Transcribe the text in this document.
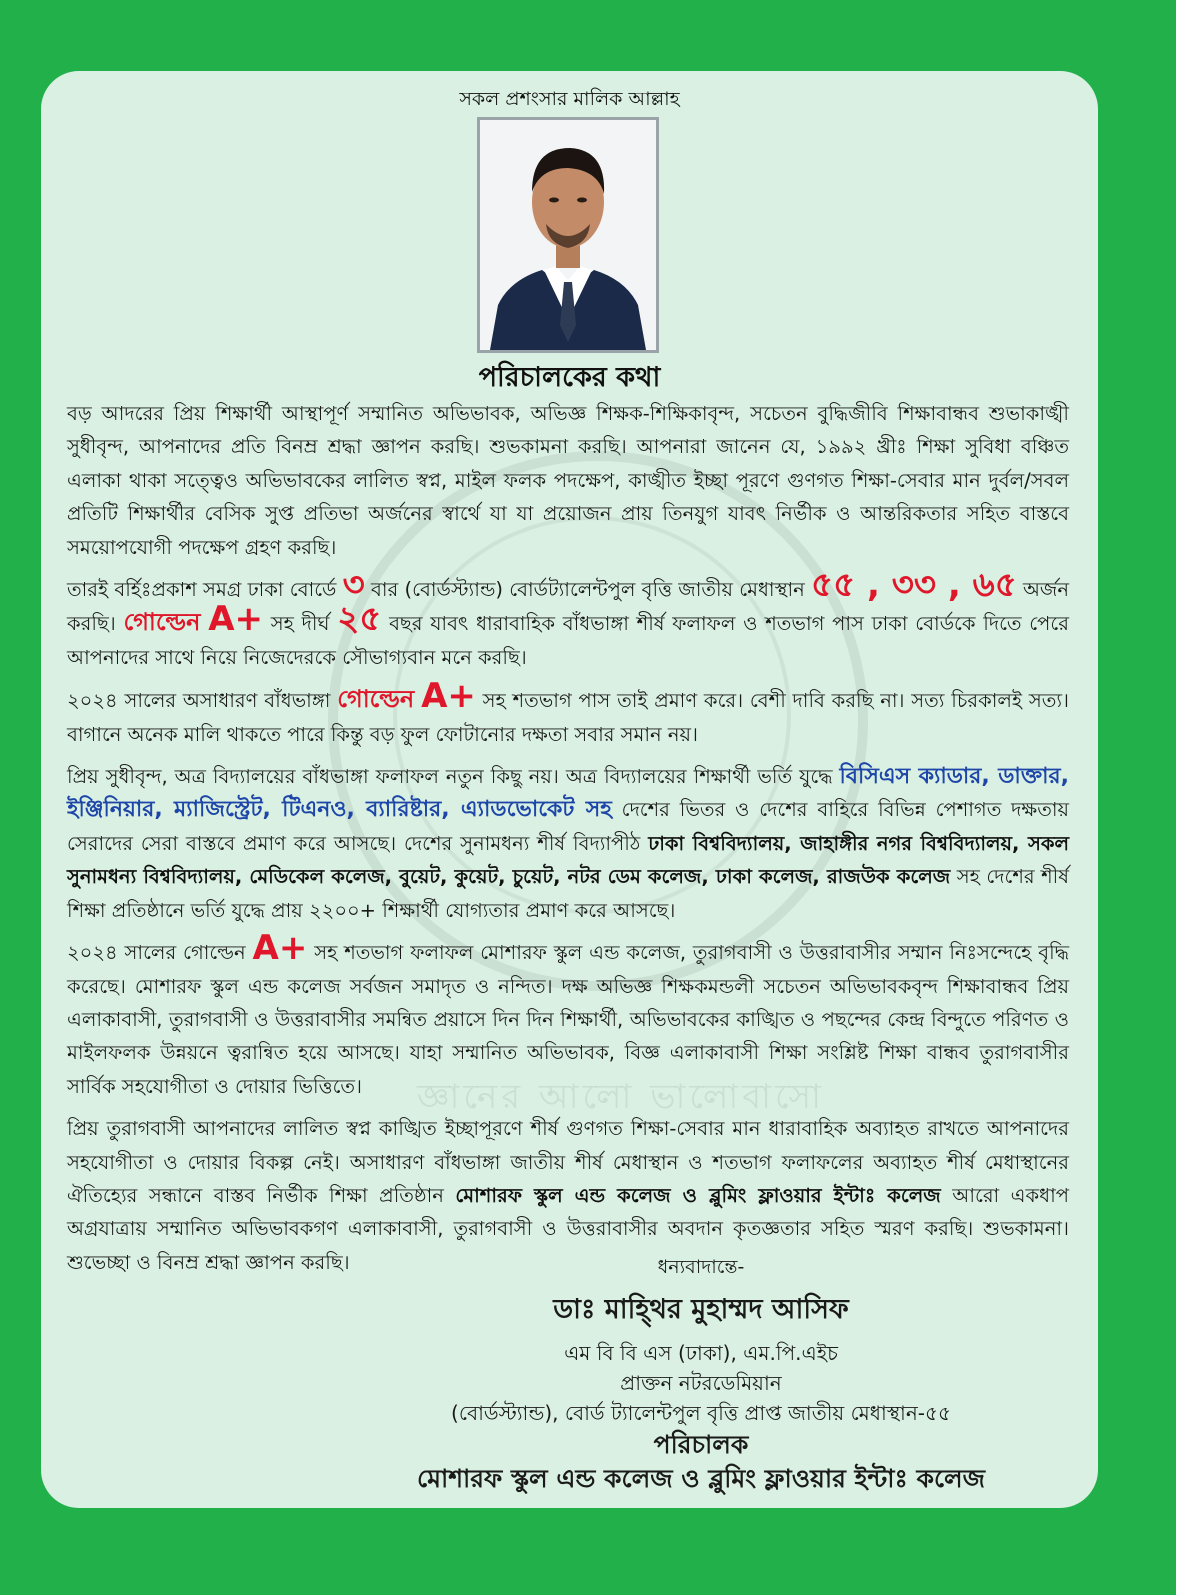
জ্ঞানের আলো ভালোবাসো
সকল প্রশংসার মালিক আল্লাহ
পরিচালকের কথা

বড় আদরের প্রিয় শিক্ষার্থী আস্থাপূর্ণ সম্মানিত অভিভাবক, অভিজ্ঞ শিক্ষক-শিক্ষিকাবৃন্দ, সচেতন বুদ্ধিজীবি শিক্ষাবান্ধব শুভাকাঙ্খী সুধীবৃন্দ, আপনাদের প্রতি বিনম্র শ্রদ্ধা জ্ঞাপন করছি। শুভকামনা করছি। আপনারা জানেন যে, ১৯৯২ খ্রীঃ শিক্ষা সুবিধা বঞ্চিত এলাকা থাকা সত্ত্বেও অভিভাবকের লালিত স্বপ্ন, মাইল ফলক পদক্ষেপ, কাঙ্খীত ইচ্ছা পূরণে গুণগত শিক্ষা-সেবার মান দুর্বল/সবল প্রতিটি শিক্ষার্থীর বেসিক সুপ্ত প্রতিভা অর্জনের স্বার্থে যা যা প্রয়োজন প্রায় তিনযুগ যাবৎ নির্ভীক ও আন্তরিকতার সহিত বাস্তবে সময়োপযোগী পদক্ষেপ গ্রহণ করছি।

তারই বর্হিঃপ্রকাশ সমগ্র ঢাকা বোর্ডে ৩ বার (বোর্ডস্ট্যান্ড) বোর্ডট্যালেন্টপুল বৃত্তি জাতীয় মেধাস্থান ৫৫ , ৩৩ , ৬৫ অর্জন করছি। গোল্ডেন A+ সহ দীর্ঘ ২৫ বছর যাবৎ ধারাবাহিক বাঁধভাঙ্গা শীর্ষ ফলাফল ও শতভাগ পাস ঢাকা বোর্ডকে দিতে পেরে আপনাদের সাথে নিয়ে নিজেদেরকে সৌভাগ্যবান মনে করছি।

২০২৪ সালের অসাধারণ বাঁধভাঙ্গা গোল্ডেন A+ সহ শতভাগ পাস তাই প্রমাণ করে। বেশী দাবি করছি না। সত্য চিরকালই সত্য। বাগানে অনেক মালি থাকতে পারে কিন্তু বড় ফুল ফোটানোর দক্ষতা সবার সমান নয়।

প্রিয় সুধীবৃন্দ, অত্র বিদ্যালয়ের বাঁধভাঙ্গা ফলাফল নতুন কিছু নয়। অত্র বিদ্যালয়ের শিক্ষার্থী ভর্তি যুদ্ধে বিসিএস ক্যাডার, ডাক্তার, ইঞ্জিনিয়ার, ম্যাজিস্ট্রেট, টিএনও, ব্যারিষ্টার, এ্যাডভোকেট সহ দেশের ভিতর ও দেশের বাহিরে বিভিন্ন পেশাগত দক্ষতায় সেরাদের সেরা বাস্তবে প্রমাণ করে আসছে। দেশের সুনামধন্য শীর্ষ বিদ্যাপীঠ ঢাকা বিশ্ববিদ্যালয়, জাহাঙ্গীর নগর বিশ্ববিদ্যালয়, সকল সুনামধন্য বিশ্ববিদ্যালয়, মেডিকেল কলেজ, বুয়েট, কুয়েট, চুয়েট, নটর ডেম কলেজ, ঢাকা কলেজ, রাজউক কলেজ সহ দেশের শীর্ষ শিক্ষা প্রতিষ্ঠানে ভর্তি যুদ্ধে প্রায় ২২০০+ শিক্ষার্থী যোগ্যতার প্রমাণ করে আসছে।

২০২৪ সালের গোল্ডেন A+ সহ শতভাগ ফলাফল মোশারফ স্কুল এন্ড কলেজ, তুরাগবাসী ও উত্তরাবাসীর সম্মান নিঃসন্দেহে বৃদ্ধি করেছে। মোশারফ স্কুল এন্ড কলেজ সর্বজন সমাদৃত ও নন্দিত। দক্ষ অভিজ্ঞ শিক্ষকমন্ডলী সচেতন অভিভাবকবৃন্দ শিক্ষাবান্ধব প্রিয় এলাকাবাসী, তুরাগবাসী ও উত্তরাবাসীর সমন্বিত প্রয়াসে দিন দিন শিক্ষার্থী, অভিভাবকের কাঙ্খিত ও পছন্দের কেন্দ্র বিন্দুতে পরিণত ও মাইলফলক উন্নয়নে ত্বরান্বিত হয়ে আসছে। যাহা সম্মানিত অভিভাবক, বিজ্ঞ এলাকাবাসী শিক্ষা সংশ্লিষ্ট শিক্ষা বান্ধব তুরাগবাসীর সার্বিক সহযোগীতা ও দোয়ার ভিত্তিতে।

প্রিয় তুরাগবাসী আপনাদের লালিত স্বপ্ন কাঙ্খিত ইচ্ছাপূরণে শীর্ষ গুণগত শিক্ষা-সেবার মান ধারাবাহিক অব্যাহত রাখতে আপনাদের সহযোগীতা ও দোয়ার বিকল্প নেই। অসাধারণ বাঁধভাঙ্গা জাতীয় শীর্ষ মেধাস্থান ও শতভাগ ফলাফলের অব্যাহত শীর্ষ মেধাস্থানের ঐতিহ্যের সন্ধানে বাস্তব নির্ভীক শিক্ষা প্রতিষ্ঠান মোশারফ স্কুল এন্ড কলেজ ও ব্লুমিং ফ্লাওয়ার ইন্টাঃ কলেজ আরো একধাপ অগ্রযাত্রায় সম্মানিত অভিভাবকগণ এলাকাবাসী, তুরাগবাসী ও উত্তরাবাসীর অবদান কৃতজ্ঞতার সহিত স্মরণ করছি। শুভকামনা। শুভেচ্ছা ও বিনম্র শ্রদ্ধা জ্ঞাপন করছি।	ধন্যবাদান্তে-
ডাঃ মাহ্থির মুহাম্মদ আসিফ
এম বি বি এস (ঢাকা), এম.পি.এইচ
প্রাক্তন নটরডেমিয়ান
(বোর্ডস্ট্যান্ড), বোর্ড ট্যালেন্টপুল বৃত্তি প্রাপ্ত জাতীয় মেধাস্থান-৫৫
পরিচালক
মোশারফ স্কুল এন্ড কলেজ ও ব্লুমিং ফ্লাওয়ার ইন্টাঃ কলেজ
